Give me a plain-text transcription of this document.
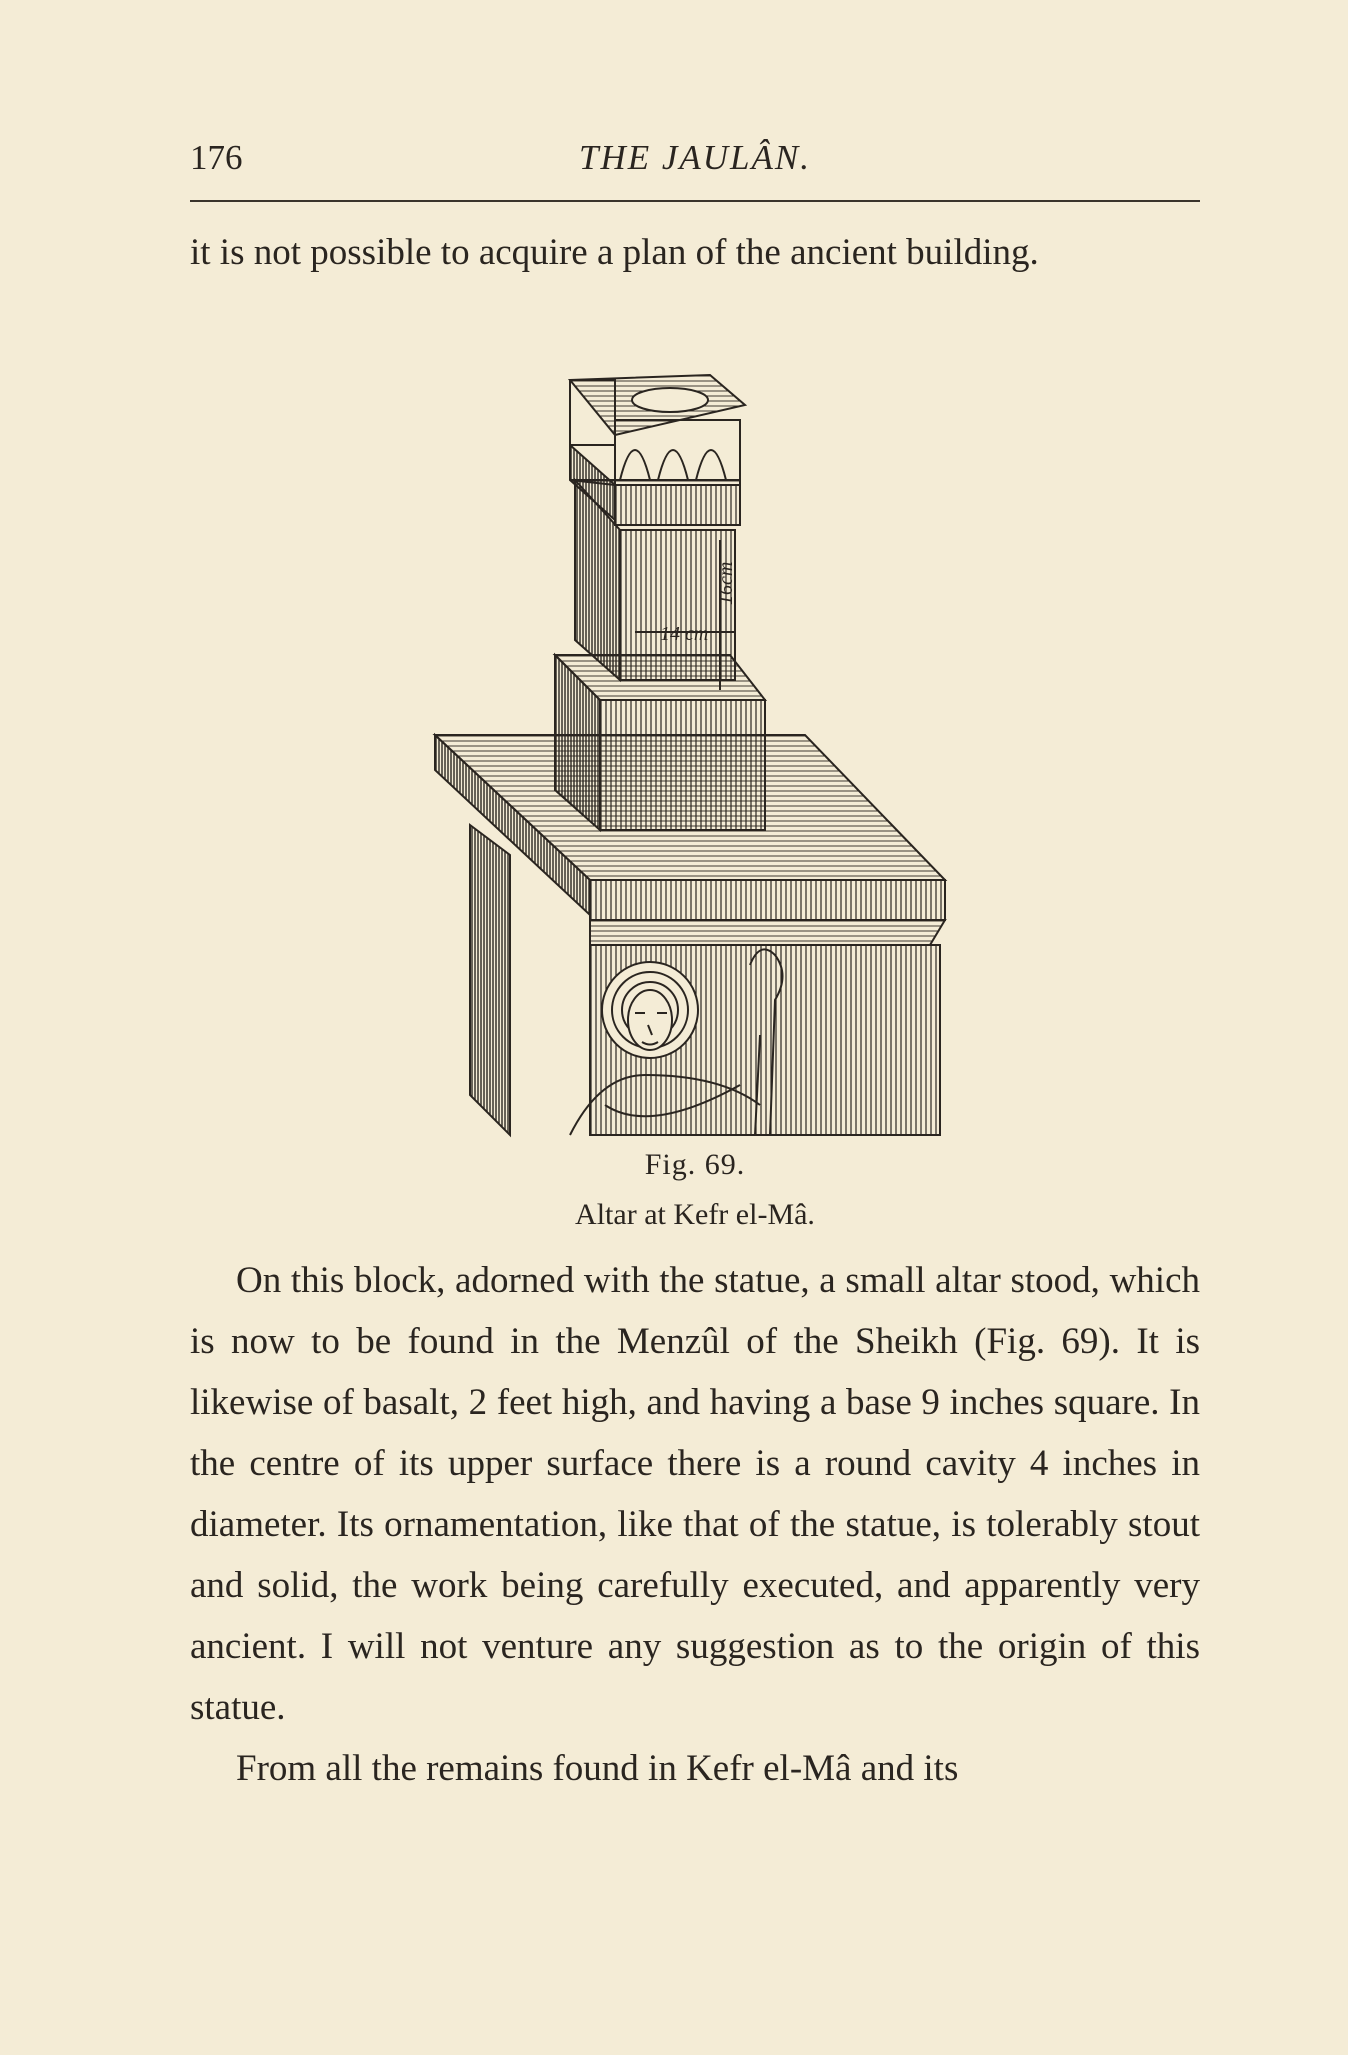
176	THE JAULÂN.

it is not possible to acquire a plan of the ancient building.

14 cm
16cm
Fig. 69.
Altar at Kefr el-Mâ.

On this block, adorned with the statue, a small altar stood, which is now to be found in the Menzûl of the Sheikh (Fig. 69). It is likewise of basalt, 2 feet high, and having a base 9 inches square. In the centre of its upper surface there is a round cavity 4 inches in diameter. Its ornamentation, like that of the statue, is tolerably stout and solid, the work being carefully executed, and apparently very ancient. I will not venture any suggestion as to the origin of this statue.

From all the remains found in Kefr el-Mâ and its
